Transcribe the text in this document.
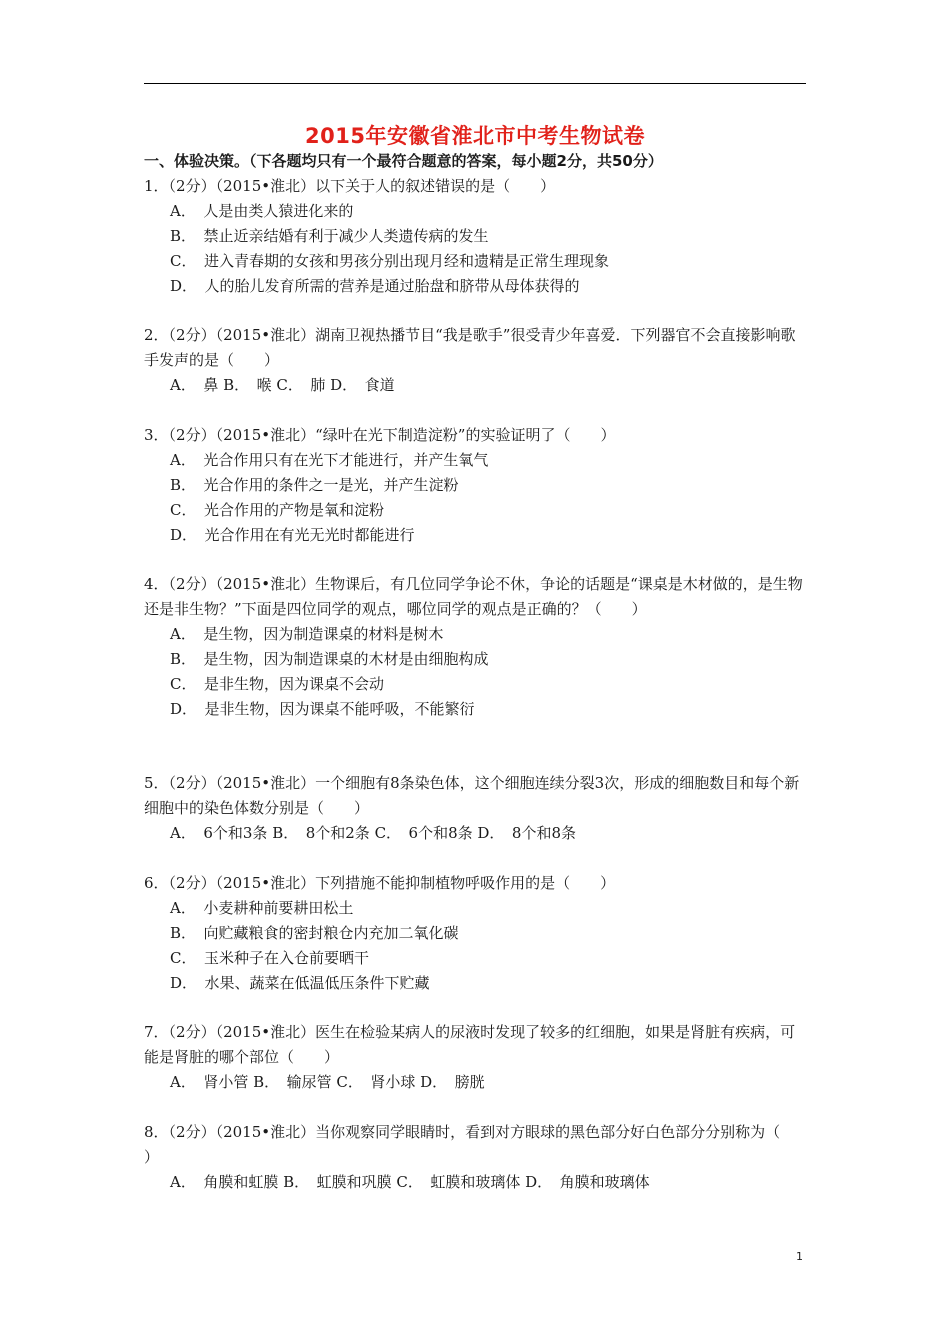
2015年安徽省淮北市中考生物试卷
一、体验决策。（下各题均只有一个最符合题意的答案，每小题2分，共50分）
1．（2分）（2015•淮北）以下关于人的叙述错误的是（　　）
A．　人是由类人猿进化来的
B．　禁止近亲结婚有利于减少人类遗传病的发生
C．　进入青春期的女孩和男孩分别出现月经和遗精是正常生理现象
D．　人的胎儿发育所需的营养是通过胎盘和脐带从母体获得的
2．（2分）（2015•淮北）湖南卫视热播节目“我是歌手”很受青少年喜爱．下列器官不会直接影响歌手发声的是（　　）
A．　鼻 B．　喉 C．　肺 D．　食道
3．（2分）（2015•淮北）“绿叶在光下制造淀粉”的实验证明了（　　）
A．　光合作用只有在光下才能进行，并产生氧气
B．　光合作用的条件之一是光，并产生淀粉
C．　光合作用的产物是氧和淀粉
D．　光合作用在有光无光时都能进行
4．（2分）（2015•淮北）生物课后，有几位同学争论不休，争论的话题是“课桌是木材做的，是生物还是非生物？”下面是四位同学的观点，哪位同学的观点是正确的？（　　）
A．　是生物，因为制造课桌的材料是树木
B．　是生物，因为制造课桌的木材是由细胞构成
C．　是非生物，因为课桌不会动
D．　是非生物，因为课桌不能呼吸，不能繁衍
5．（2分）（2015•淮北）一个细胞有8条染色体，这个细胞连续分裂3次，形成的细胞数目和每个新细胞中的染色体数分别是（　　）
A．　6个和3条 B．　8个和2条 C．　6个和8条 D．　8个和8条
6．（2分）（2015•淮北）下列措施不能抑制植物呼吸作用的是（　　）
A．　小麦耕种前要耕田松土
B．　向贮藏粮食的密封粮仓内充加二氧化碳
C．　玉米种子在入仓前要晒干
D．　水果、蔬菜在低温低压条件下贮藏
7．（2分）（2015•淮北）医生在检验某病人的尿液时发现了较多的红细胞，如果是肾脏有疾病，可能是肾脏的哪个部位（　　）
A．　肾小管 B．　输尿管 C．　肾小球 D．　膀胱
8．（2分）（2015•淮北）当你观察同学眼睛时，看到对方眼球的黑色部分好白色部分分别称为（　　）
A．　角膜和虹膜 B．　虹膜和巩膜 C．　虹膜和玻璃体 D．　角膜和玻璃体
1
